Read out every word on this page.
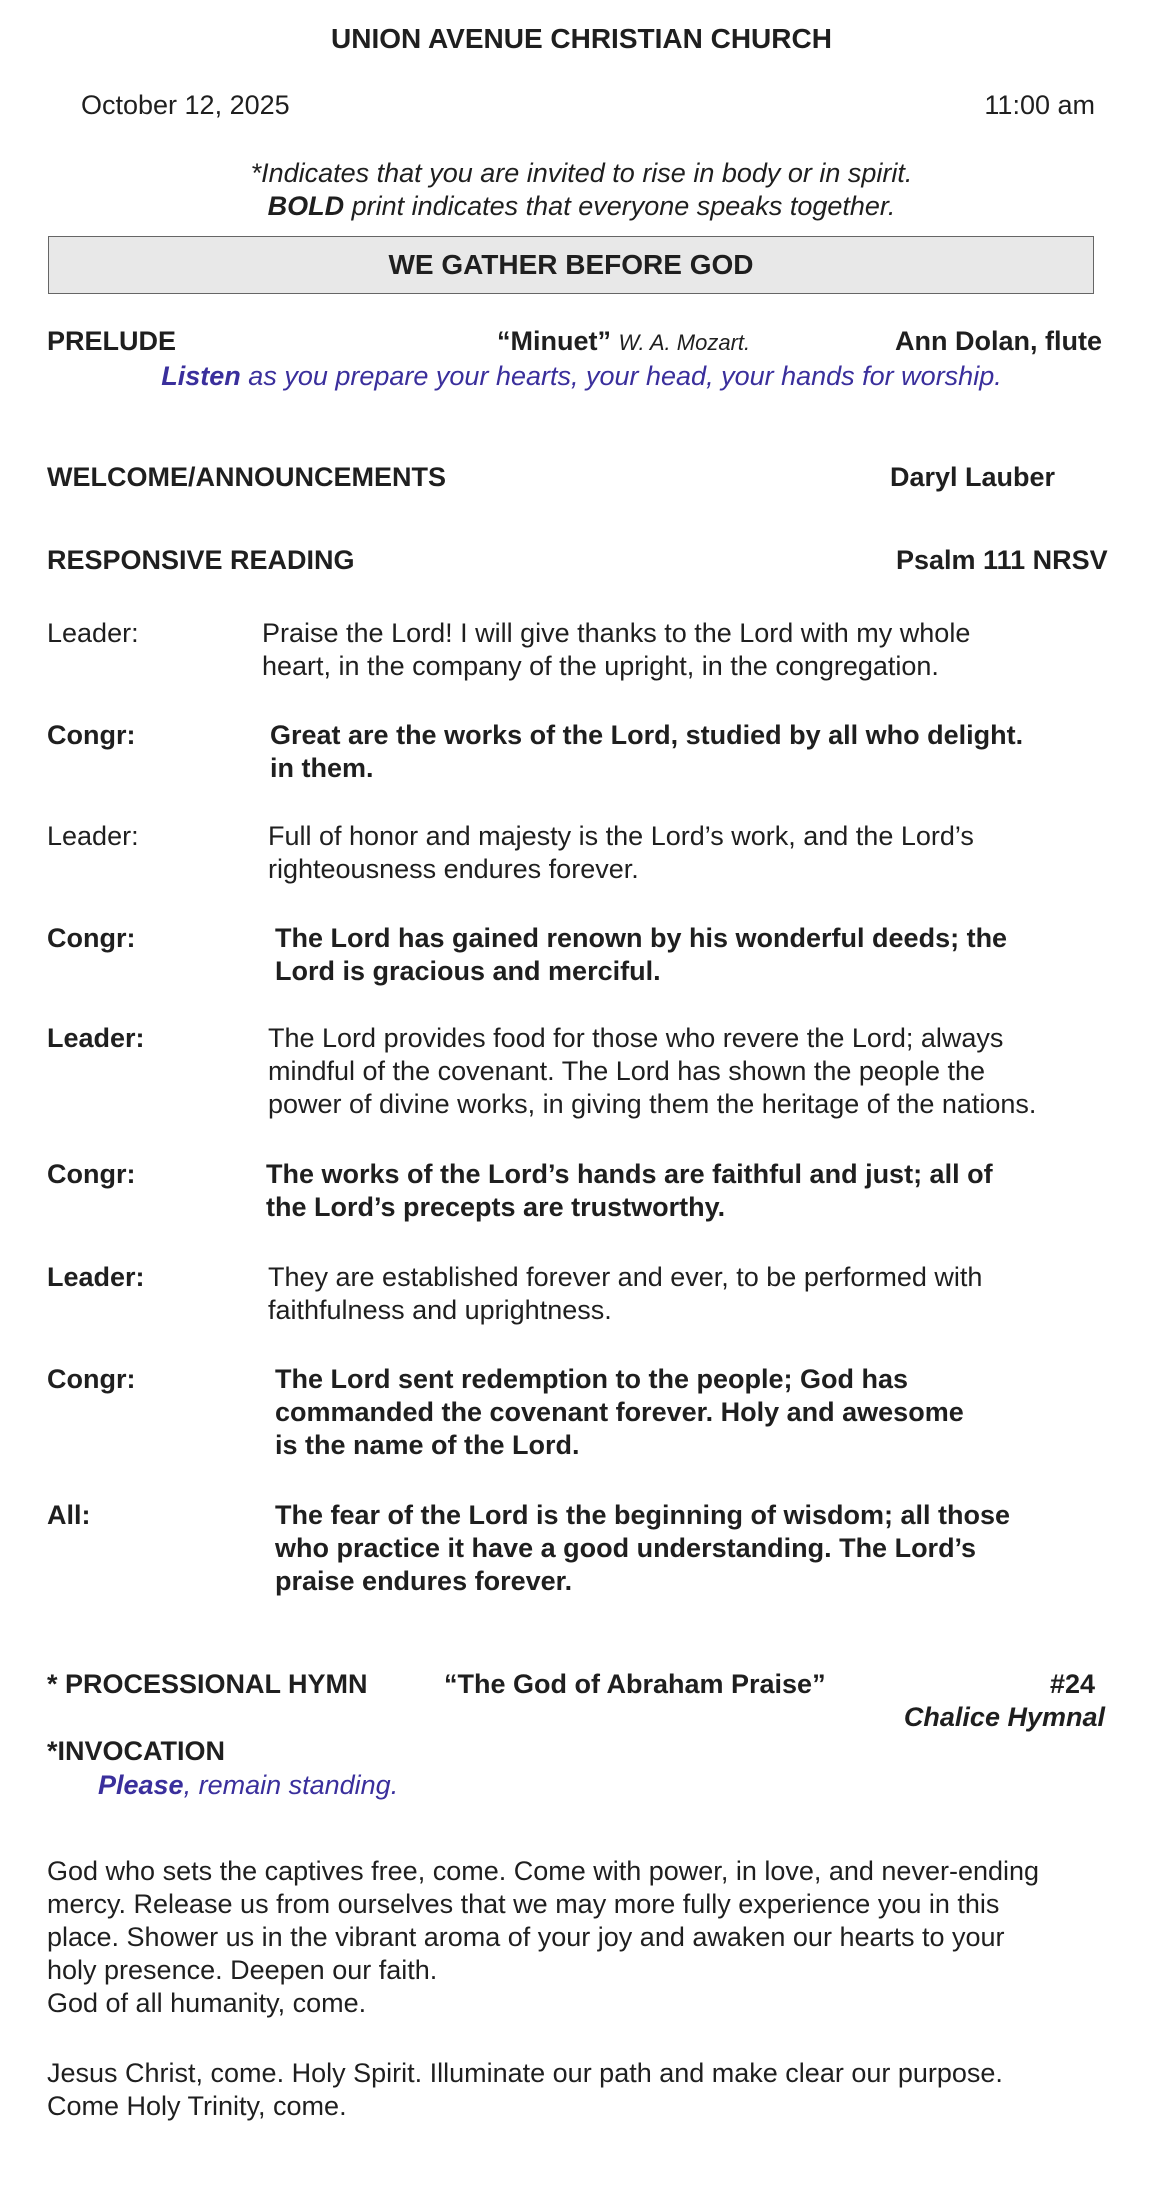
UNION AVENUE CHRISTIAN CHURCH
October 12, 2025	11:00 am
*Indicates that you are invited to rise in body or in spirit.
BOLD print indicates that everyone speaks together.
WE GATHER BEFORE GOD
PRELUDE	“Minuet” W. A. Mozart.	Ann Dolan, flute
Listen as you prepare your hearts, your head, your hands for worship.
WELCOME/ANNOUNCEMENTS	Daryl Lauber
RESPONSIVE READING	Psalm 111 NRSV
Leader:	Praise the Lord! I will give thanks to the Lord with my whole
heart, in the company of the upright, in the congregation.
Congr:	Great are the works of the Lord, studied by all who delight.
in them.
Leader:	Full of honor and majesty is the Lord’s work, and the Lord’s
righteousness endures forever.
Congr:	The Lord has gained renown by his wonderful deeds; the
Lord is gracious and merciful.
Leader:	The Lord provides food for those who revere the Lord; always
mindful of the covenant. The Lord has shown the people the
power of divine works, in giving them the heritage of the nations.
Congr:	The works of the Lord’s hands are faithful and just; all of
the Lord’s precepts are trustworthy.
Leader:	They are established forever and ever, to be performed with
faithfulness and uprightness.
Congr:	The Lord sent redemption to the people; God has
commanded the covenant forever. Holy and awesome
is the name of the Lord.
All:	The fear of the Lord is the beginning of wisdom; all those
who practice it have a good understanding. The Lord’s
praise endures forever.
* PROCESSIONAL HYMN	“The God of Abraham Praise”	#24
Chalice Hymnal
*INVOCATION
Please, remain standing.
God who sets the captives free, come. Come with power, in love, and never-ending
mercy. Release us from ourselves that we may more fully experience you in this
place. Shower us in the vibrant aroma of your joy and awaken our hearts to your
holy presence. Deepen our faith.
God of all humanity, come.
Jesus Christ, come. Holy Spirit. Illuminate our path and make clear our purpose.
Come Holy Trinity, come.
